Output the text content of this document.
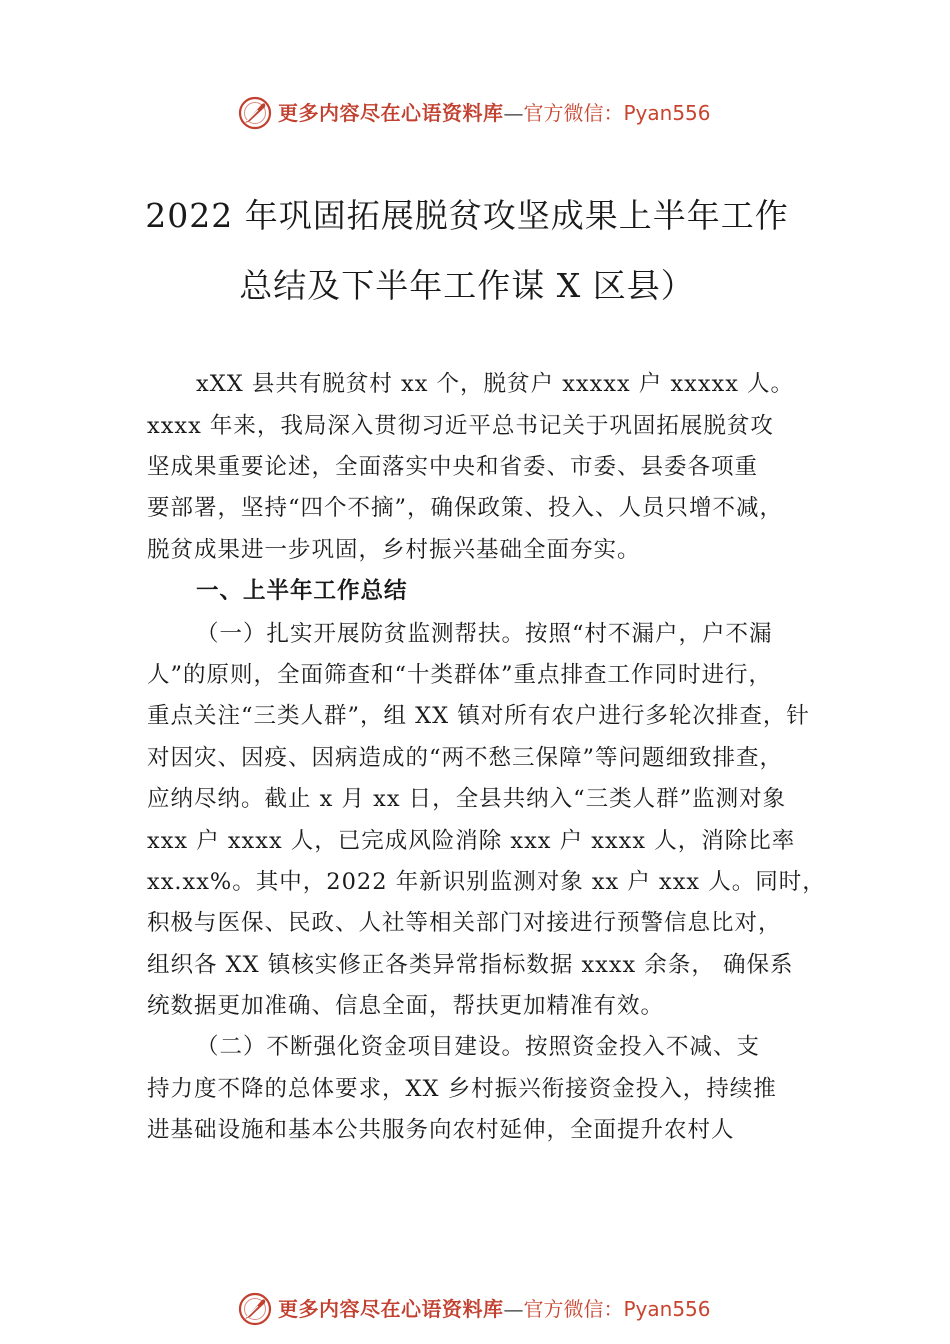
更多内容尽在心语资料库—官方微信：Pyan556
2022 年巩固拓展脱贫攻坚成果上半年工作
总结及下半年工作谋 X 区县）
xXX 县共有脱贫村 xx 个，脱贫户 xxxxx 户 xxxxx 人。
xxxx 年来，我局深入贯彻习近平总书记关于巩固拓展脱贫攻
坚成果重要论述，全面落实中央和省委、市委、县委各项重
要部署，坚持“四个不摘”，确保政策、投入、人员只增不减，
脱贫成果进一步巩固，乡村振兴基础全面夯实。
一、上半年工作总结
（一）扎实开展防贫监测帮扶。按照“村不漏户，户不漏
人”的原则，全面筛查和“十类群体”重点排查工作同时进行，
重点关注“三类人群”，组 XX 镇对所有农户进行多轮次排查，针
对因灾、因疫、因病造成的“两不愁三保障”等问题细致排查，
应纳尽纳。截止 x 月 xx 日，全县共纳入“三类人群”监测对象
xxx 户 xxxx 人，已完成风险消除 xxx 户 xxxx 人，消除比率
xx.xx%。其中，2022 年新识别监测对象 xx 户 xxx 人。同时，
积极与医保、民政、人社等相关部门对接进行预警信息比对，
组织各 XX 镇核实修正各类异常指标数据 xxxx 余条， 确保系
统数据更加准确、信息全面，帮扶更加精准有效。
（二）不断强化资金项目建设。按照资金投入不减、支
持力度不降的总体要求，XX 乡村振兴衔接资金投入，持续推
进基础设施和基本公共服务向农村延伸，全面提升农村人
更多内容尽在心语资料库—官方微信：Pyan556
